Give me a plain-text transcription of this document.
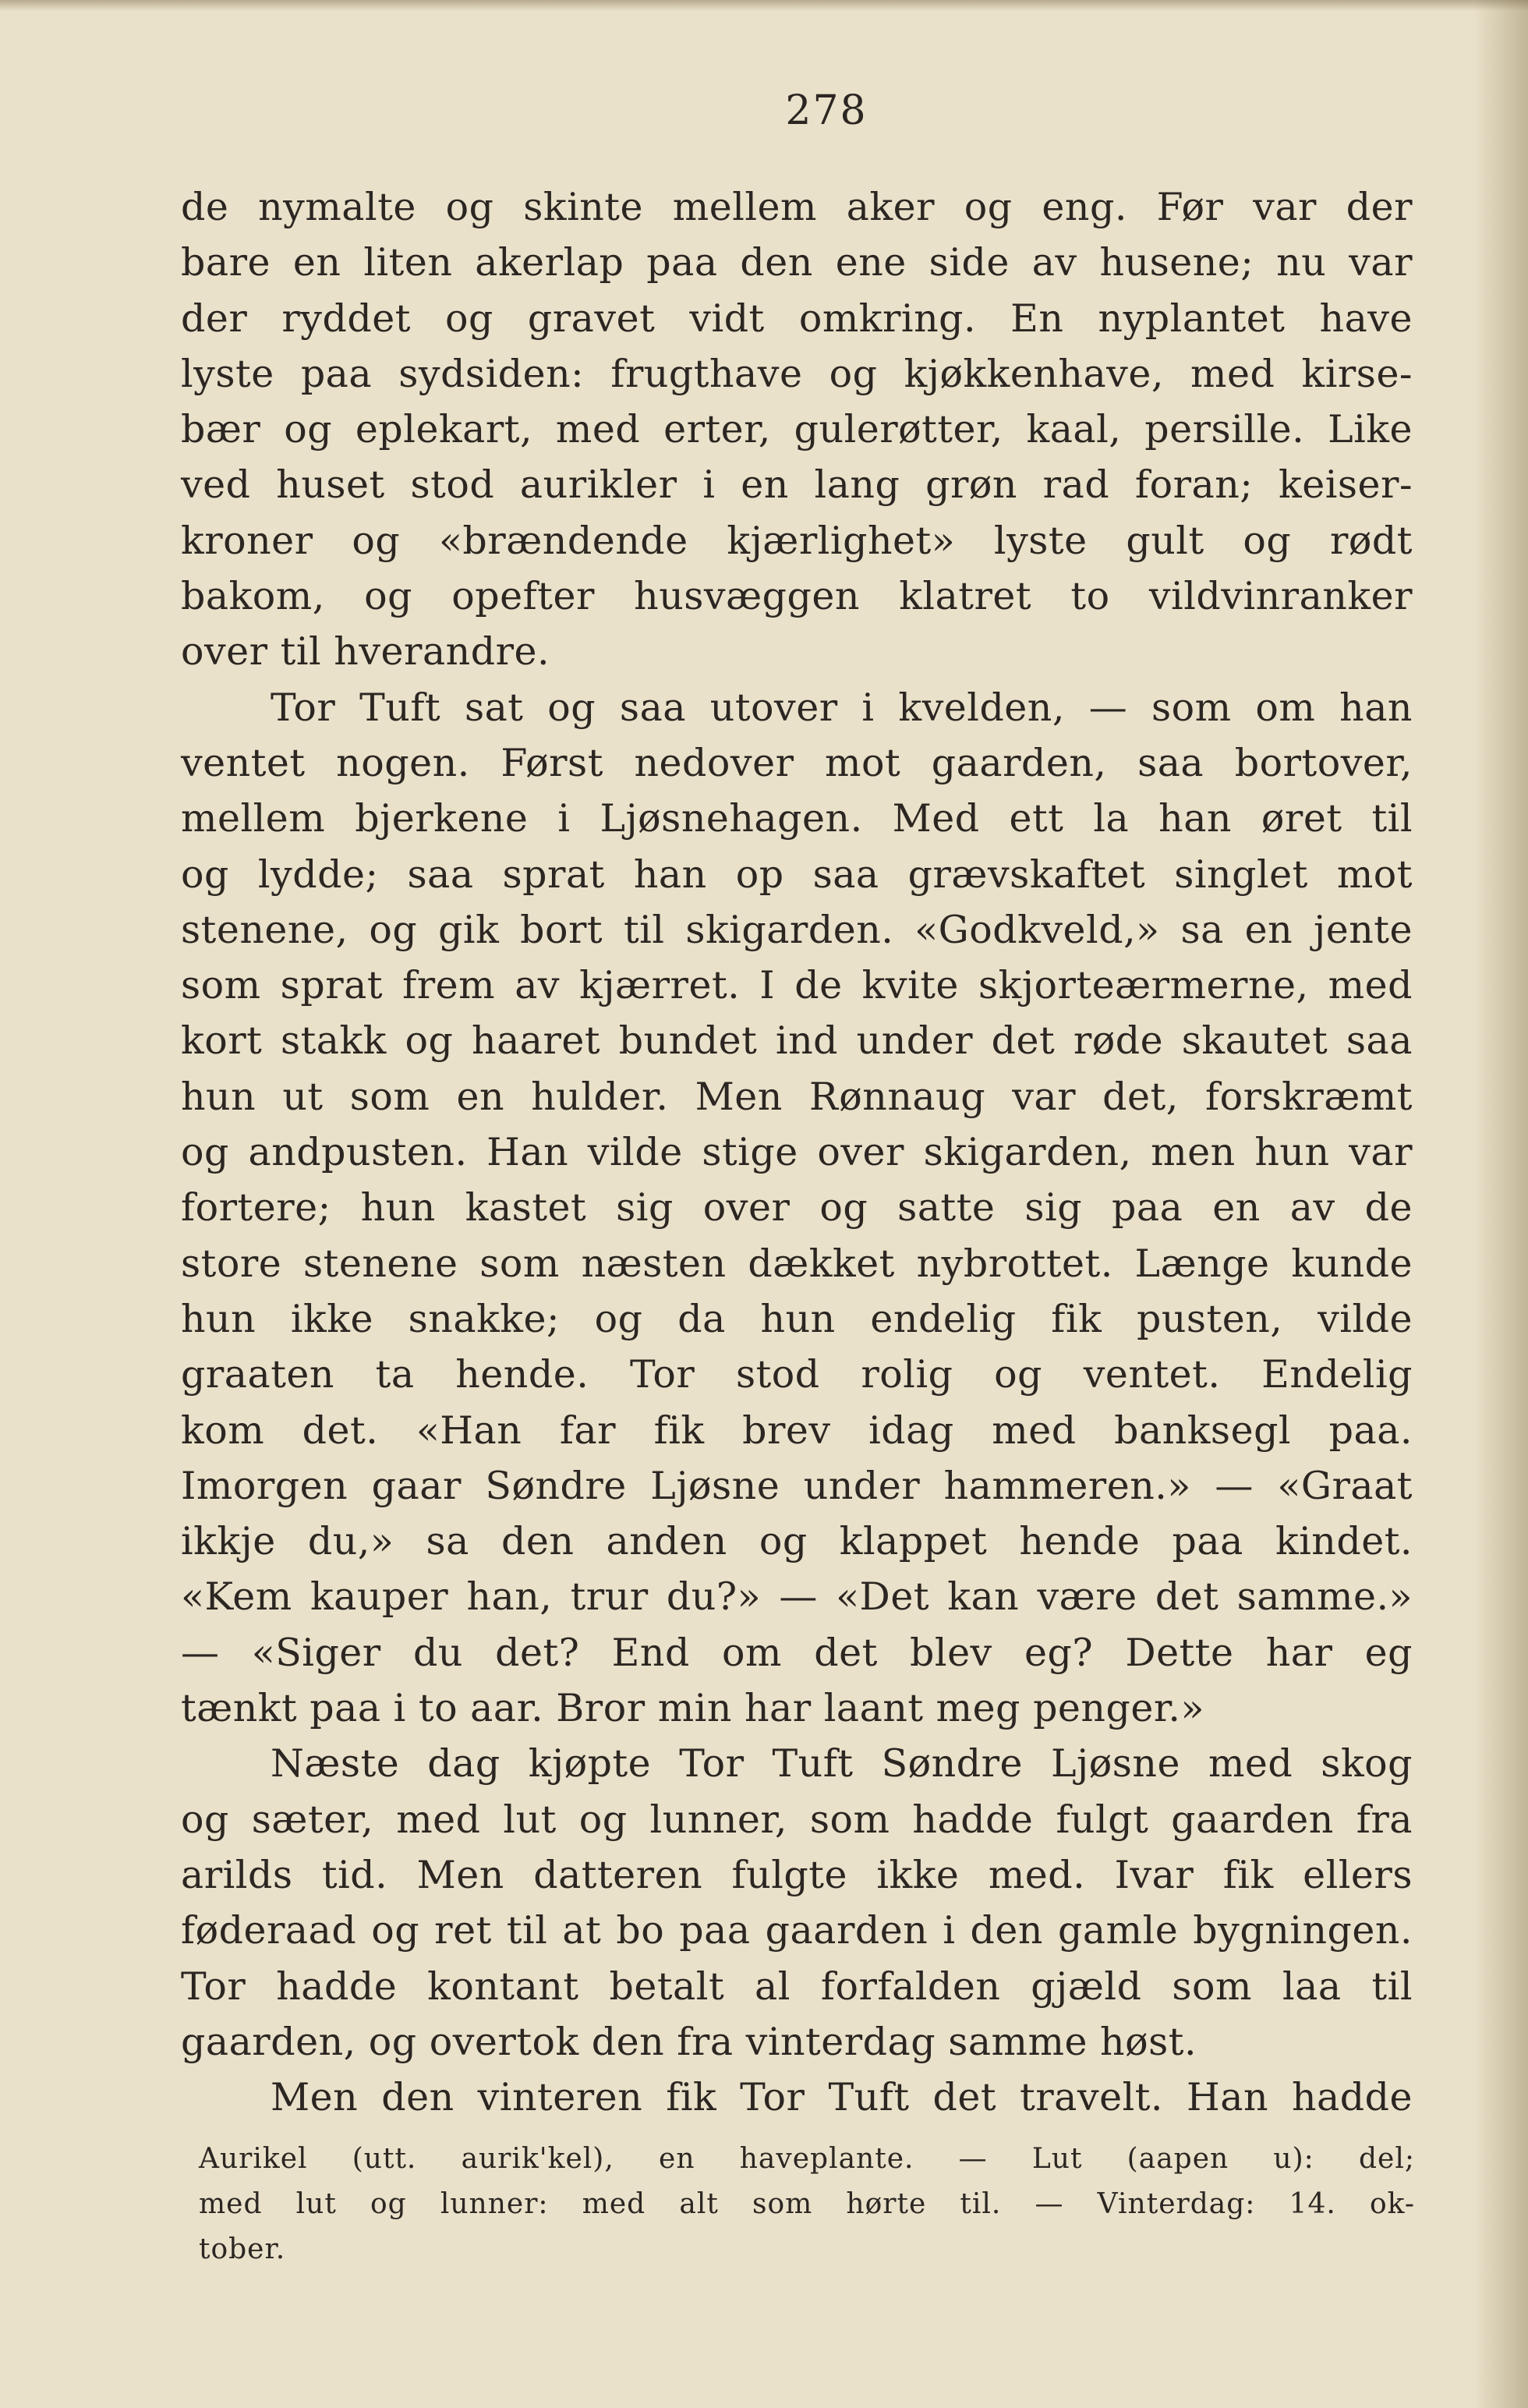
278
de nymalte og skinte mellem aker og eng. Før var der
bare en liten akerlap paa den ene side av husene; nu var
der ryddet og gravet vidt omkring. En nyplantet have
lyste paa sydsiden: frugthave og kjøkkenhave, med kirse-
bær og eplekart, med erter, gulerøtter, kaal, persille. Like
ved huset stod aurikler i en lang grøn rad foran; keiser-
kroner og «brændende kjærlighet» lyste gult og rødt
bakom, og opefter husvæggen klatret to vildvinranker
over til hverandre.
Tor Tuft sat og saa utover i kvelden, — som om han
ventet nogen. Først nedover mot gaarden, saa bortover,
mellem bjerkene i Ljøsnehagen. Med ett la han øret til
og lydde; saa sprat han op saa grævskaftet singlet mot
stenene, og gik bort til skigarden. «Godkveld,» sa en jente
som sprat frem av kjærret. I de kvite skjorteærmerne, med
kort stakk og haaret bundet ind under det røde skautet saa
hun ut som en hulder. Men Rønnaug var det, forskræmt
og andpusten. Han vilde stige over skigarden, men hun var
fortere; hun kastet sig over og satte sig paa en av de
store stenene som næsten dækket nybrottet. Længe kunde
hun ikke snakke; og da hun endelig fik pusten, vilde
graaten ta hende. Tor stod rolig og ventet. Endelig
kom det. «Han far fik brev idag med banksegl paa.
Imorgen gaar Søndre Ljøsne under hammeren.» — «Graat
ikkje du,» sa den anden og klappet hende paa kindet.
«Kem kauper han, trur du?» — «Det kan være det samme.»
— «Siger du det? End om det blev eg? Dette har eg
tænkt paa i to aar. Bror min har laant meg penger.»
Næste dag kjøpte Tor Tuft Søndre Ljøsne med skog
og sæter, med lut og lunner, som hadde fulgt gaarden fra
arilds tid. Men datteren fulgte ikke med. Ivar fik ellers
føderaad og ret til at bo paa gaarden i den gamle bygningen.
Tor hadde kontant betalt al forfalden gjæld som laa til
gaarden, og overtok den fra vinterdag samme høst.
Men den vinteren fik Tor Tuft det travelt. Han hadde
Aurikel (utt. aurik'kel), en haveplante. — Lut (aapen u): del;
med lut og lunner: med alt som hørte til. — Vinterdag: 14. ok-
tober.
